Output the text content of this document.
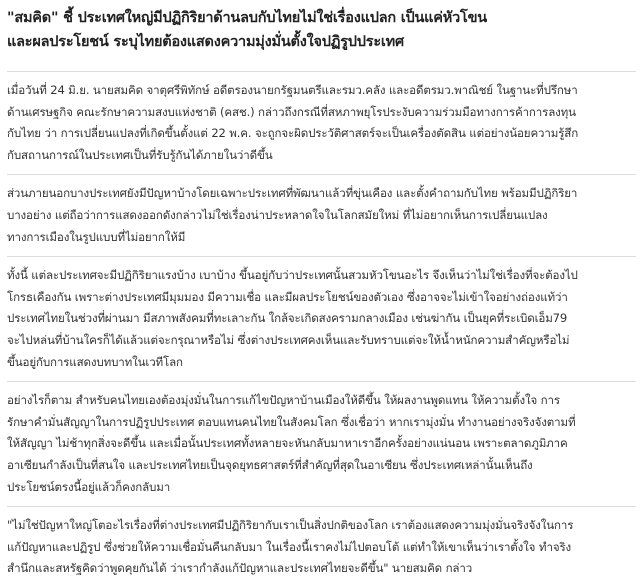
"สมคิด" ชี้ ประเทศใหญ่มีปฏิกิริยาด้านลบกับไทยไม่ใช่เรื่องแปลก เป็นแค่หัวโขน
และผลประโยชน์ ระบุไทยต้องแสดงความมุ่งมั่นตั้งใจปฏิรูปประเทศ

เมื่อวันที่ 24 มิ.ย. นายสมคิด จาตุศรีพิทักษ์ อดีตรองนายกรัฐมนตรีและรมว.คลัง และอดีตรมว.พาณิชย์ ในฐานะที่ปรึกษา
ด้านเศรษฐกิจ คณะรักษาความสงบแห่งชาติ (คสช.) กล่าวถึงกรณีที่สหภาพยุโรประงับความร่วมมือทางการค้าการลงทุน
กับไทย ว่า การเปลี่ยนแปลงที่เกิดขึ้นตั้งแต่ 22 พ.ค. จะถูกจะผิดประวัติศาสตร์จะเป็นเครื่องตัดสิน แต่อย่างน้อยความรู้สึก
กับสถานการณ์ในประเทศเป็นที่รับรู้กันได้ภายในว่าดีขึ้น

ส่วนภายนอกบางประเทศยังมีปัญหาบ้างโดยเฉพาะประเทศที่พัฒนาแล้วที่ขุ่นเคือง และตั้งคำถามกับไทย พร้อมมีปฏิกิริยา
บางอย่าง แต่ถือว่าการแสดงออกดังกล่าวไม่ใช่เรื่องน่าประหลาดใจในโลกสมัยใหม่ ที่ไม่อยากเห็นการเปลี่ยนแปลง
ทางการเมืองในรูปแบบที่ไม่อยากให้มี

ทั้งนี้ แต่ละประเทศจะมีปฏิกิริยาแรงบ้าง เบาบ้าง ขึ้นอยู่กับว่าประเทศนั้นสวมหัวโขนอะไร จึงเห็นว่าไม่ใช่เรื่องที่จะต้องไป
โกรธเคืองกัน เพราะต่างประเทศมีมุมมอง มีความเชื่อ และมีผลประโยชน์ของตัวเอง ซึ่งอาจจะไม่เข้าใจอย่างถ่องแท้ว่า
ประเทศไทยในช่วงที่ผ่านมา มีสภาพสังคมที่ทะเลาะกัน ใกล้จะเกิดสงครามกลางเมือง เช่นฆ่ากัน เป็นยุคที่ระเบิดเอ็ม79
จะไปหล่นที่บ้านใครก็ได้แล้วแต่จะกรุณาหรือไม่ ซึ่งต่างประเทศคงเห็นและรับทราบแต่จะให้น้ำหนักความสำคัญหรือไม่
ขึ้นอยู่กับการแสดงบทบาทในเวทีโลก

อย่างไรก็ตาม สำหรับคนไทยเองต้องมุ่งมั่นในการแก้ไขปัญหาบ้านเมืองให้ดีขึ้น ให้ผลงานพูดแทน ให้ความตั้งใจ การ
รักษาคำมั่นสัญญาในการปฏิรูปประเทศ ตอบแทนคนไทยในสังคมโลก ซึ่งเชื่อว่า หากเรามุ่งมั่น ทำงานอย่างจริงจังตามที่
ให้สัญญา ไม่ช้าทุกสิ่งจะดีขึ้น และเมื่อนั้นประเทศทั้งหลายจะหันกลับมาหาเราอีกครั้งอย่างแน่นอน เพราะตลาดภูมิภาค
อาเซียนกำลังเป็นที่สนใจ และประเทศไทยเป็นจุดยุทธศาสตร์ที่สำคัญที่สุดในอาเซียน ซึ่งประเทศเหล่านั้นเห็นถึง
ประโยชน์ตรงนี้อยู่แล้วก็คงกลับมา

"ไม่ใช่ปัญหาใหญ่โตอะไรเรื่องที่ต่างประเทศมีปฏิกิริยากับเราเป็นสิ่งปกติของโลก เราต้องแสดงความมุ่งมั่นจริงจังในการ
แก้ปัญหาและปฏิรูป ซึ่งช่วยให้ความเชื่อมั่นคืนกลับมา ในเรื่องนี้เราคงไม่ไปตอบโต้ แต่ทำให้เขาเห็นว่าเราตั้งใจ ทำจริง
สำนึกและสหรัฐคิดว่าพูดคุยกันได้ ว่าเรากำลังแก้ปัญหาและประเทศไทยจะดีขึ้น" นายสมคิด กล่าว
